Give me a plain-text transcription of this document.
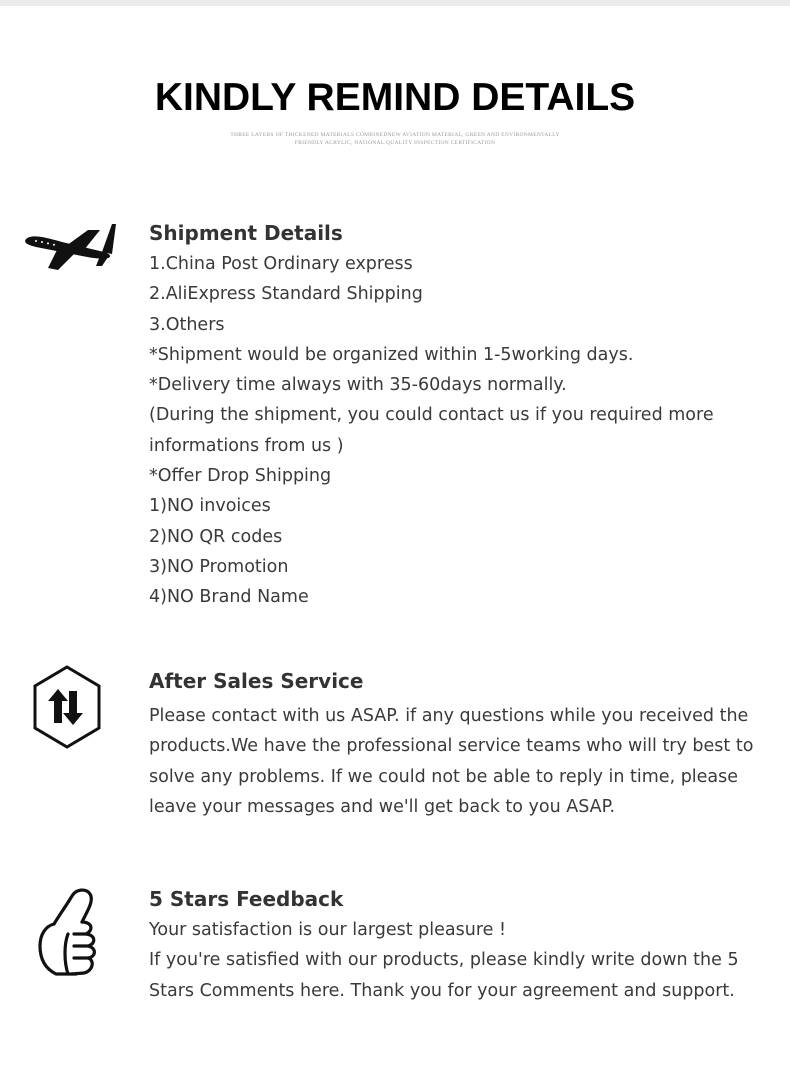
KINDLY REMIND DETAILS
THREE LAYERS OF THICKENED MATERIALS COMBINEDNEW AVIATION MATERIAL, GREEN AND ENVIRONMENTALLY
FRIENDLY ACRYLIC, NATIONAL QUALITY INSPECTION CERTIFICATION
Shipment Details
1.China Post Ordinary express
2.AliExpress Standard Shipping
3.Others
*Shipment would be organized within 1-5working days.
*Delivery time always with 35-60days normally.
(During the shipment, you could contact us if you required more
informations from us )
*Offer Drop Shipping
1)NO invoices
2)NO QR codes
3)NO Promotion
4)NO Brand Name
After Sales Service
Please contact with us ASAP. if any questions while you received the
products.We have the professional service teams who will try best to
solve any problems. If we could not be able to reply in time, please
leave your messages and we'll get back to you ASAP.
5 Stars Feedback
Your satisfaction is our largest pleasure !
If you're satisfied with our products, please kindly write down the 5
Stars Comments here. Thank you for your agreement and support.
